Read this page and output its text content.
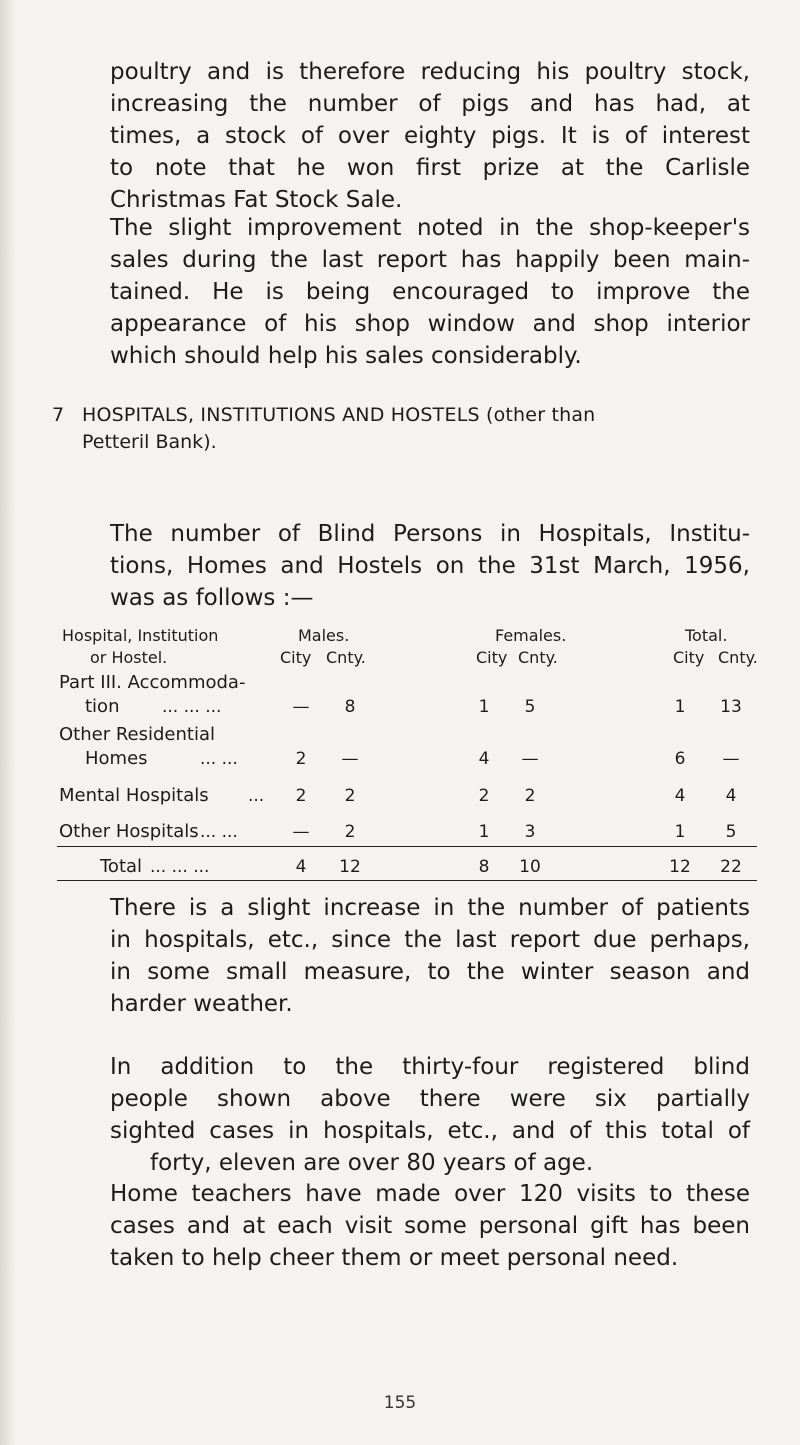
poultry and is therefore reducing his poultry stock,
increasing the number of pigs and has had, at
times, a stock of over eighty pigs. It is of interest
to note that he won first prize at the Carlisle
Christmas Fat Stock Sale.

The slight improvement noted in the shop-keeper's
sales during the last report has happily been main-
tained. He is being encouraged to improve the
appearance of his shop window and shop interior
which should help his sales considerably.

7 HOSPITALS, INSTITUTIONS AND HOSTELS (other than
Petteril Bank).

The number of Blind Persons in Hospitals, Institu-
tions, Homes and Hostels on the 31st March, 1956,
was as follows :—

Hospital, Institution
or Hostel.
Males.	Females.	Total.
City Cnty.	City Cnty.	City Cnty.
Part III. Accommoda-
tion	... ... ...	—	8	1	5	1	13
Other Residential
Homes	... ...	2	—	4	—	6	—
Mental Hospitals ...	2	2	2	2	4	4
Other Hospitals ... ...	—	2	1	3	1	5
Total ... ... ...	4	12	8	10	12	22

There is a slight increase in the number of patients
in hospitals, etc., since the last report due perhaps,
in some small measure, to the winter season and
harder weather.

In addition to the thirty-four registered blind
people shown above there were six partially
sighted cases in hospitals, etc., and of this total of
forty, eleven are over 80 years of age.

Home teachers have made over 120 visits to these
cases and at each visit some personal gift has been
taken to help cheer them or meet personal need.

155
